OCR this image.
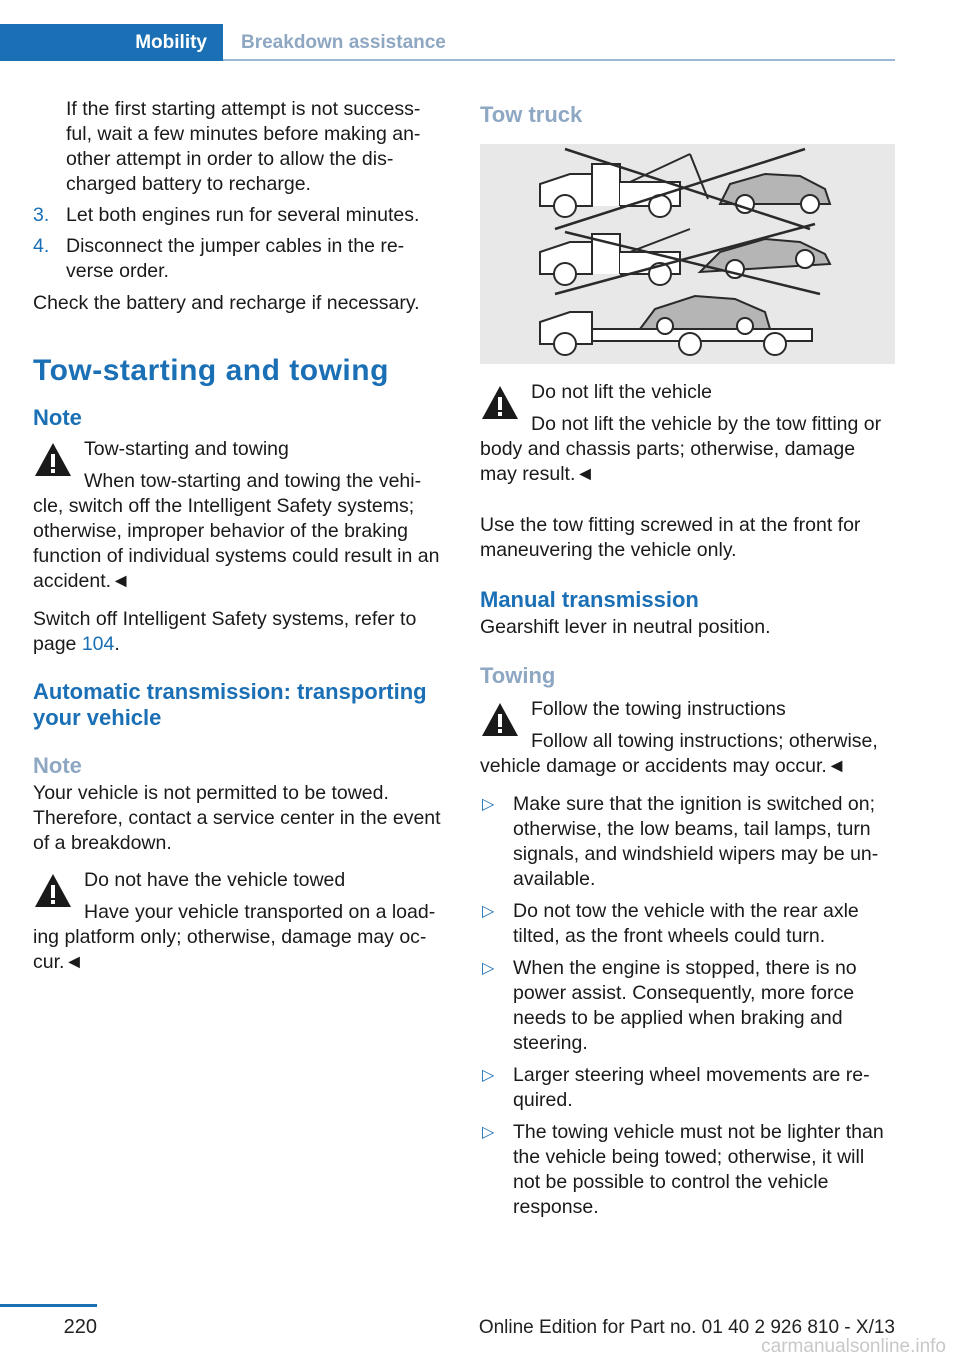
Mobility	Breakdown assistance

If the first starting attempt is not success-ful, wait a few minutes before making an-other attempt in order to allow the dis-charged battery to recharge.

3. Let both engines run for several minutes.
4. Disconnect the jumper cables in the re-verse order.

Check the battery and recharge if necessary.

Tow-starting and towing
Note

Tow-starting and towing

When tow-starting and towing the vehi-cle, switch off the Intelligent Safety systems; otherwise, improper behavior of the braking function of individual systems could result in an accident.◄

Switch off Intelligent Safety systems, refer to page 104.

Automatic transmission: transporting your vehicle
Note

Your vehicle is not permitted to be towed. Therefore, contact a service center in the event of a breakdown.

Do not have the vehicle towed

Have your vehicle transported on a load-ing platform only; otherwise, damage may oc-cur.◄

Tow truck

Do not lift the vehicle

Do not lift the vehicle by the tow fitting or body and chassis parts; otherwise, damage may result.◄

Use the tow fitting screwed in at the front for maneuvering the vehicle only.

Manual transmission

Gearshift lever in neutral position.

Towing

Follow the towing instructions

Follow all towing instructions; otherwise, vehicle damage or accidents may occur.◄

▷ Make sure that the ignition is switched on; otherwise, the low beams, tail lamps, turn signals, and windshield wipers may be un-available.
▷ Do not tow the vehicle with the rear axle tilted, as the front wheels could turn.
▷ When the engine is stopped, there is no power assist. Consequently, more force needs to be applied when braking and steering.
▷ Larger steering wheel movements are re-quired.
▷ The towing vehicle must not be lighter than the vehicle being towed; otherwise, it will not be possible to control the vehicle response.
220	Online Edition for Part no. 01 40 2 926 810 - X/13
carmanualsonline.info
